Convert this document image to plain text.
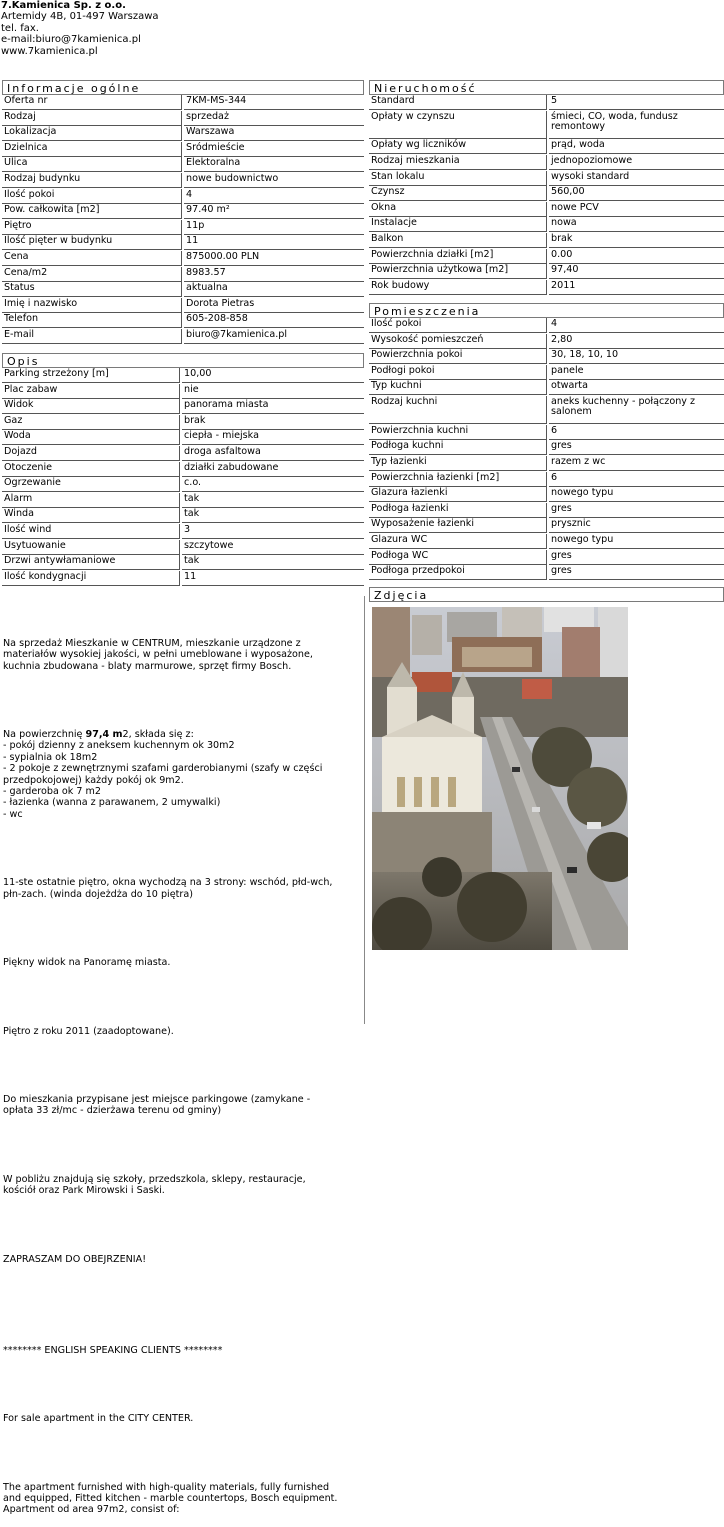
7.Kamienica Sp. z o.o.
Artemidy 4B, 01-497 Warszawa
tel. fax.
e-mail:biuro@7kamienica.pl
www.7kamienica.pl
Informacje ogólne
Oferta nr	7KM-MS-344
Rodzaj	sprzedaż
Lokalizacja	Warszawa
Dzielnica	Śródmieście
Ulica	Elektoralna
Rodzaj budynku	nowe budownictwo
Ilość pokoi	4
Pow. całkowita [m2]	97.40 m²
Piętro	11p
Ilość pięter w budynku	11
Cena	875000.00 PLN
Cena/m2	8983.57
Status	aktualna
Imię i nazwisko	Dorota Pietras
Telefon	605-208-858
E-mail	biuro@7kamienica.pl
Opis
Parking strzeżony [m]	10,00
Plac zabaw	nie
Widok	panorama miasta
Gaz	brak
Woda	ciepła - miejska
Dojazd	droga asfaltowa
Otoczenie	działki zabudowane
Ogrzewanie	c.o.
Alarm	tak
Winda	tak
Ilość wind	3
Usytuowanie	szczytowe
Drzwi antywłamaniowe	tak
Ilość kondygnacji	11
Nieruchomość
Standard	5
Opłaty w czynszu	śmieci, CO, woda, fundusz remontowy
Opłaty wg liczników	prąd, woda
Rodzaj mieszkania	jednopoziomowe
Stan lokalu	wysoki standard
Czynsz	560,00
Okna	nowe PCV
Instalacje	nowa
Balkon	brak
Powierzchnia działki [m2]	0.00
Powierzchnia użytkowa [m2]	97,40
Rok budowy	2011
Pomieszczenia
Ilość pokoi	4
Wysokość pomieszczeń	2,80
Powierzchnia pokoi	30, 18, 10, 10
Podłogi pokoi	panele
Typ kuchni	otwarta
Rodzaj kuchni	aneks kuchenny - połączony z salonem
Powierzchnia kuchni	6
Podłoga kuchni	gres
Typ łazienki	razem z wc
Powierzchnia łazienki [m2]	6
Glazura łazienki	nowego typu
Podłoga łazienki	gres
Wyposażenie łazienki	prysznic
Glazura WC	nowego typu
Podłoga WC	gres
Podłoga przedpokoi	gres
Zdjęcia

Na sprzedaż Mieszkanie w CENTRUM, mieszkanie urządzone z
materiałów wysokiej jakości, w pełni umeblowane i wyposażone,
kuchnia zbudowana - blaty marmurowe, sprzęt firmy Bosch.

Na powierzchnię 97,4 m2, składa się z:
- pokój dzienny z aneksem kuchennym ok 30m2
- sypialnia ok 18m2
- 2 pokoje z zewnętrznymi szafami garderobianymi (szafy w części
przedpokojowej) każdy pokój ok 9m2.
- garderoba ok 7 m2
- łazienka (wanna z parawanem, 2 umywalki)
- wc

11-ste ostatnie piętro, okna wychodzą na 3 strony: wschód, płd-wch,
płn-zach. (winda dojeżdża do 10 piętra)

Piękny widok na Panoramę miasta.

Piętro z roku 2011 (zaadoptowane).

Do mieszkania przypisane jest miejsce parkingowe (zamykane -
opłata 33 zł/mc - dzierżawa terenu od gminy)

W pobliżu znajdują się szkoły, przedszkola, sklepy, restauracje,
kościół oraz Park Mirowski i Saski.

ZAPRASZAM DO OBEJRZENIA!

******** ENGLISH SPEAKING CLIENTS ********

For sale apartment in the CITY CENTER.

The apartment furnished with high-quality materials, fully furnished
and equipped, Fitted kitchen - marble countertops, Bosch equipment.
Apartment od area 97m2, consist of:
